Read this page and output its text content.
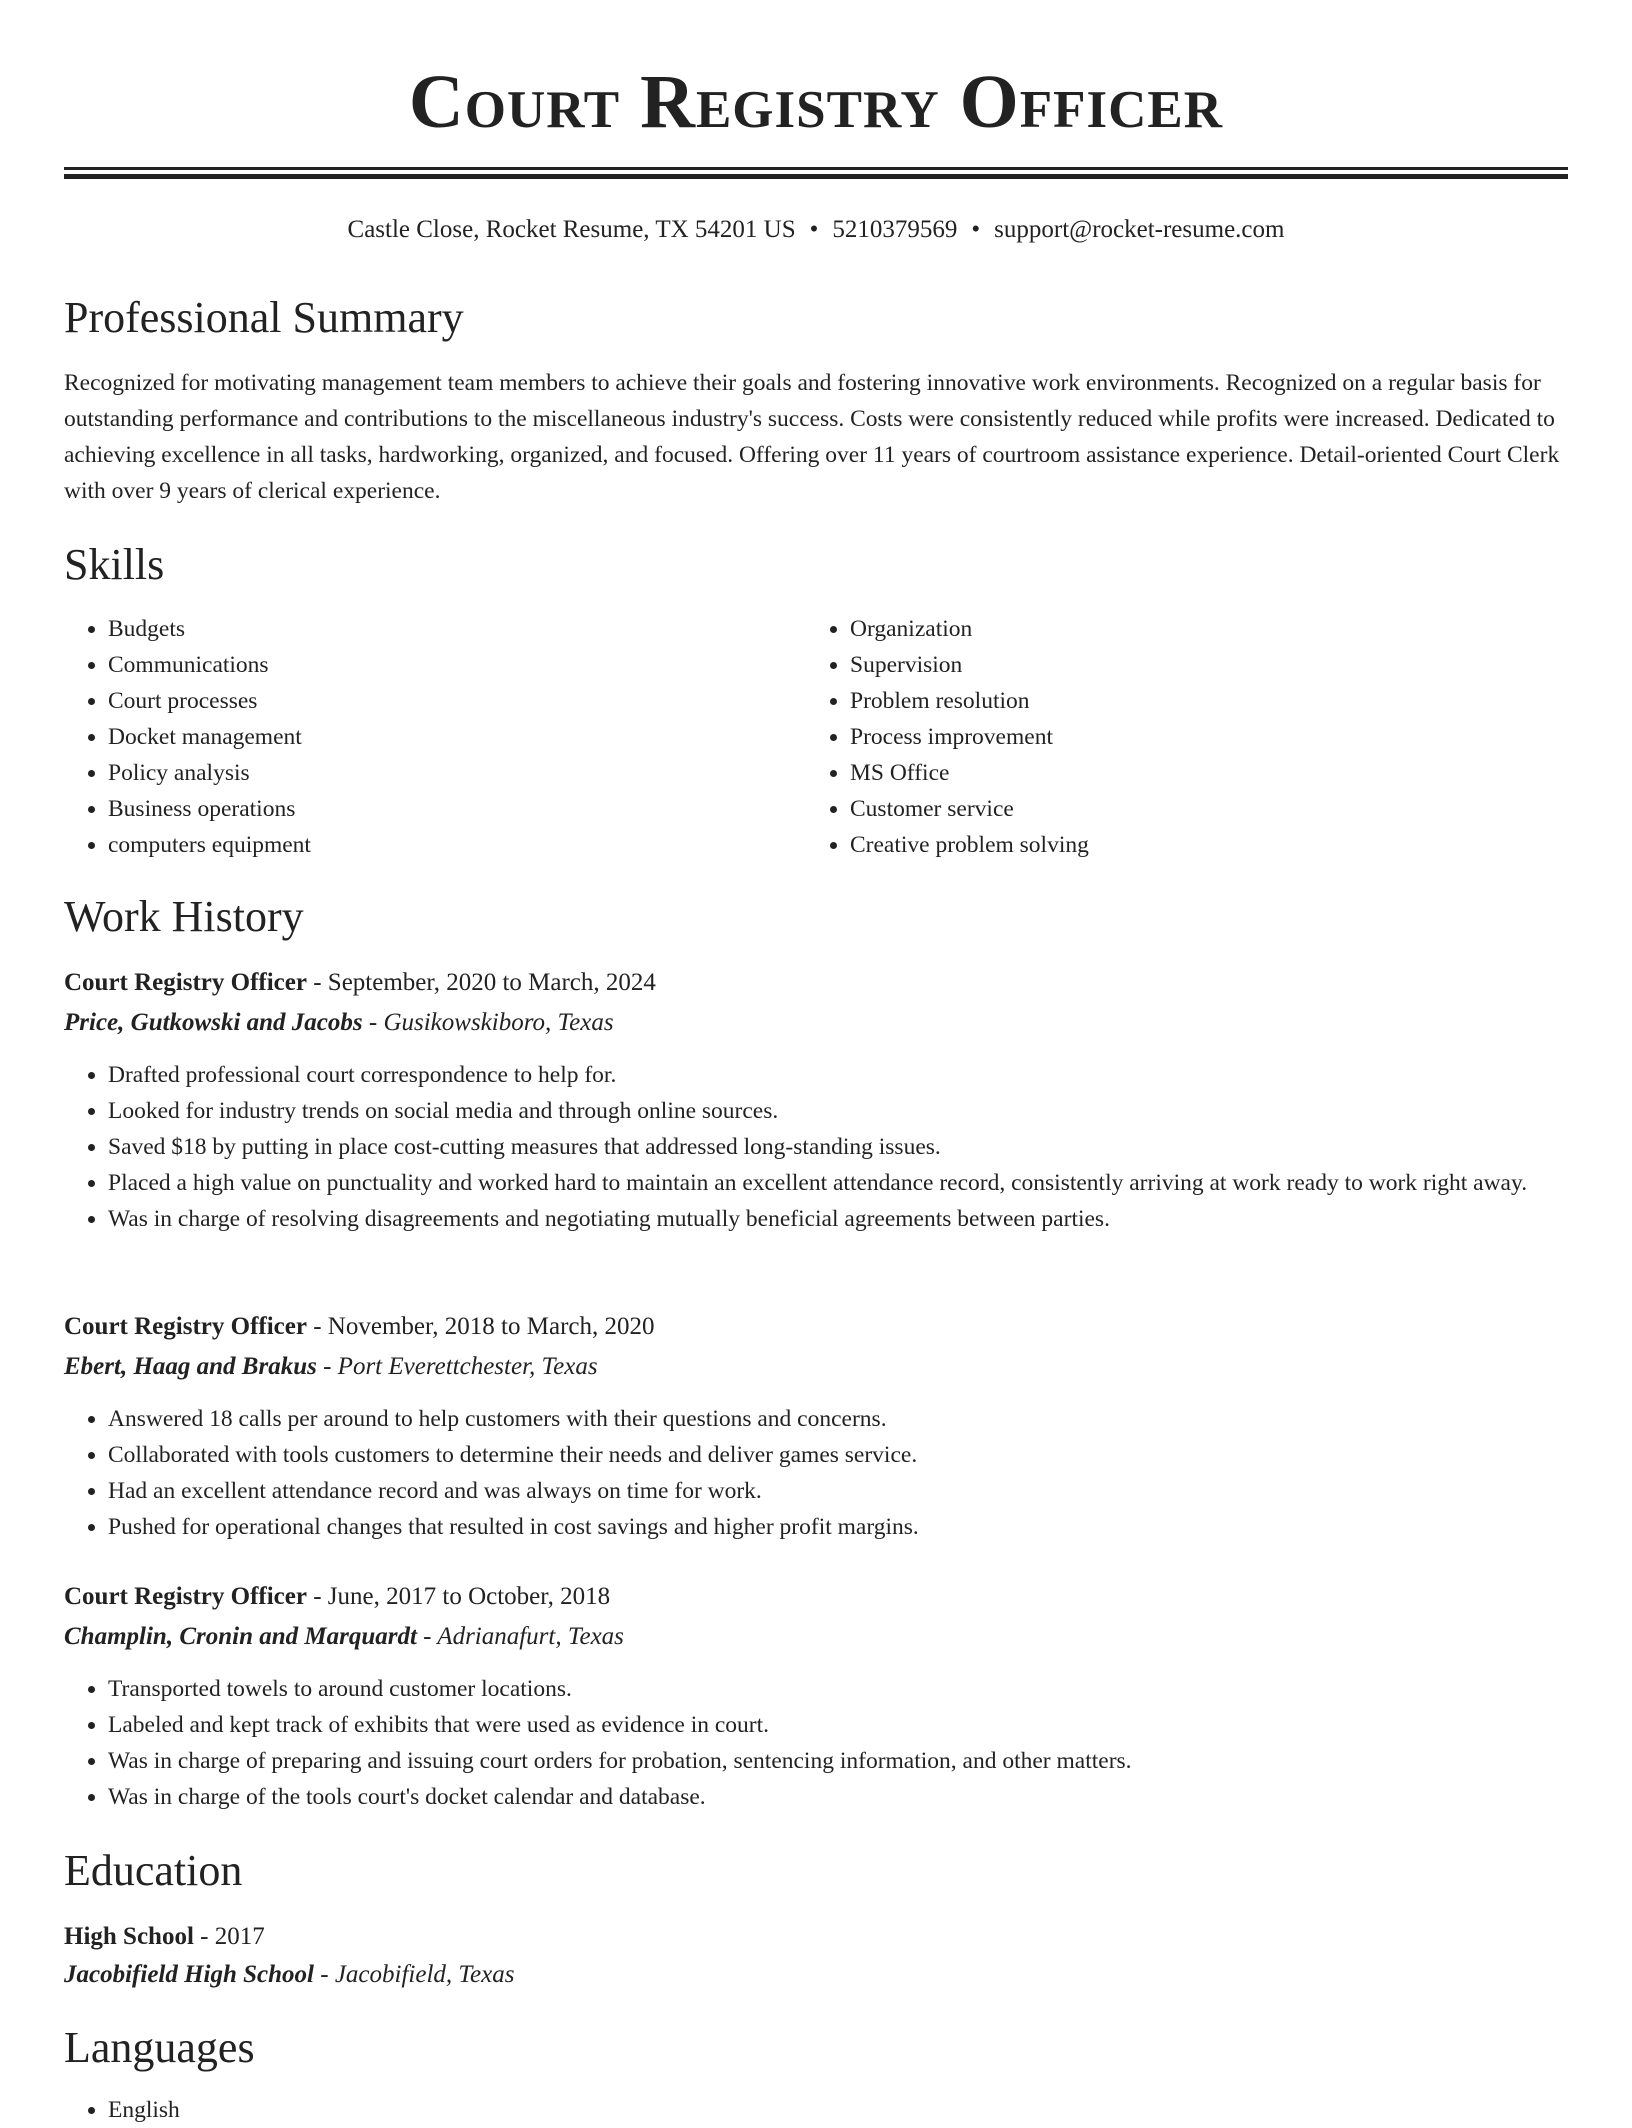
Court Registry Officer
Castle Close, Rocket Resume, TX 54201 US • 5210379569 • support@rocket-resume.com
Professional Summary

Recognized for motivating management team members to achieve their goals and fostering innovative work environments. Recognized on a regular basis for outstanding performance and contributions to the miscellaneous industry's success. Costs were consistently reduced while profits were increased. Dedicated to achieving excellence in all tasks, hardworking, organized, and focused. Offering over 11 years of courtroom assistance experience. Detail-oriented Court Clerk with over 9 years of clerical experience.

Skills
• Budgets
• Communications
• Court processes
• Docket management
• Policy analysis
• Business operations
• computers equipment
• Organization
• Supervision
• Problem resolution
• Process improvement
• MS Office
• Customer service
• Creative problem solving
Work History
Court Registry Officer - September, 2020 to March, 2024
Price, Gutkowski and Jacobs - Gusikowskiboro, Texas
• Drafted professional court correspondence to help for.
• Looked for industry trends on social media and through online sources.
• Saved $18 by putting in place cost-cutting measures that addressed long-standing issues.
• Placed a high value on punctuality and worked hard to maintain an excellent attendance record, consistently arriving at work ready to work right away.
• Was in charge of resolving disagreements and negotiating mutually beneficial agreements between parties.
Court Registry Officer - November, 2018 to March, 2020
Ebert, Haag and Brakus - Port Everettchester, Texas
• Answered 18 calls per around to help customers with their questions and concerns.
• Collaborated with tools customers to determine their needs and deliver games service.
• Had an excellent attendance record and was always on time for work.
• Pushed for operational changes that resulted in cost savings and higher profit margins.
Court Registry Officer - June, 2017 to October, 2018
Champlin, Cronin and Marquardt - Adrianafurt, Texas
• Transported towels to around customer locations.
• Labeled and kept track of exhibits that were used as evidence in court.
• Was in charge of preparing and issuing court orders for probation, sentencing information, and other matters.
• Was in charge of the tools court's docket calendar and database.
Education
High School - 2017
Jacobifield High School - Jacobifield, Texas
Languages
• English
